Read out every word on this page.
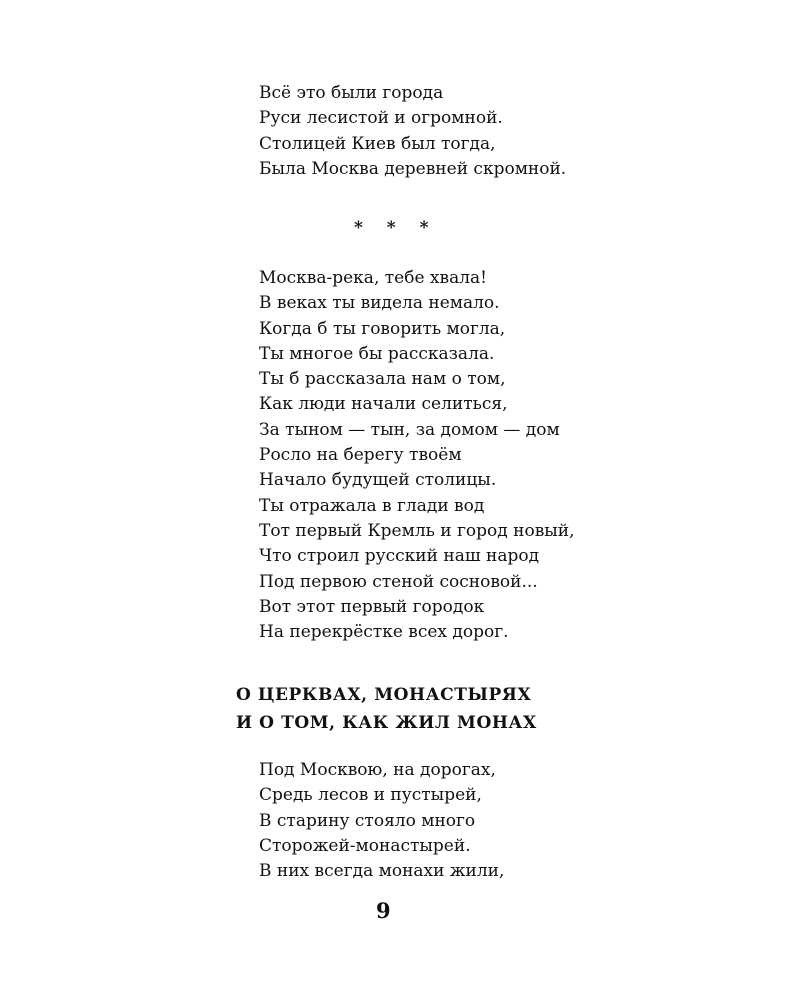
Всё это были города
Руси лесистой и огромной.
Столицей Киев был тогда,
Была Москва деревней скромной.
* * *
Москва-река, тебе хвала!
В веках ты видела немало.
Когда б ты говорить могла,
Ты многое бы рассказала.
Ты б рассказала нам о том,
Как люди начали селиться,
За тыном — тын, за домом — дом
Росло на берегу твоём
Начало будущей столицы.
Ты отражала в глади вод
Тот первый Кремль и город новый,
Что строил русский наш народ
Под первою стеной сосновой...
Вот этот первый городок
На перекрёстке всех дорог.
О ЦЕРКВАХ, МОНАСТЫРЯХ
И О ТОМ, КАК ЖИЛ МОНАХ
Под Москвою, на дорогах,
Средь лесов и пустырей,
В старину стояло много
Сторожей-монастырей.
В них всегда монахи жили,
9
